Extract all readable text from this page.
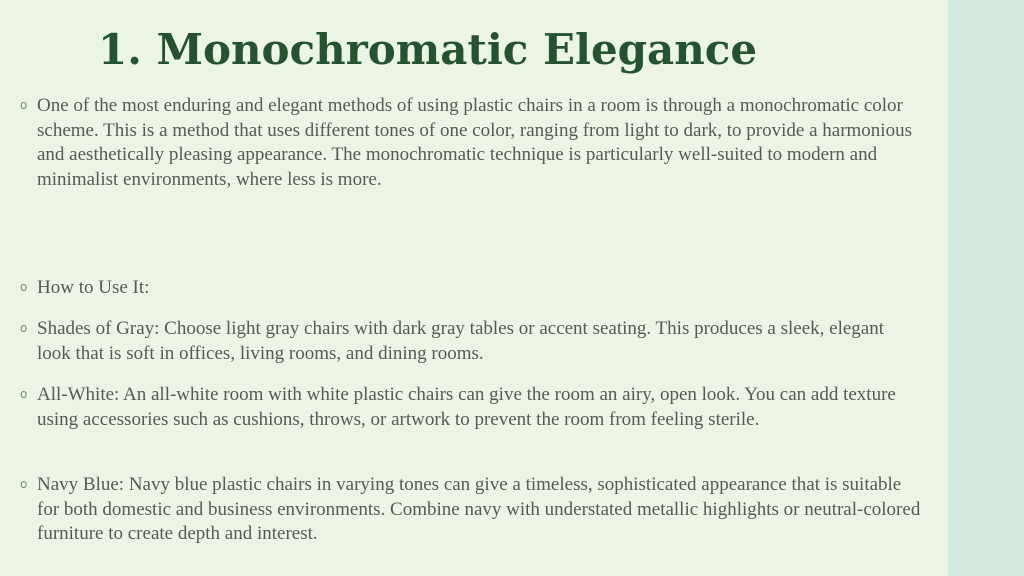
1. Monochromatic Elegance
o One of the most enduring and elegant methods of using plastic chairs in a room is through a monochromatic color scheme. This is a method that uses different tones of one color, ranging from light to dark, to provide a harmonious and aesthetically pleasing appearance. The monochromatic technique is particularly well-suited to modern and minimalist environments, where less is more.
o How to Use It:
o Shades of Gray: Choose light gray chairs with dark gray tables or accent seating. This produces a sleek, elegant look that is soft in offices, living rooms, and dining rooms.
o All-White: An all-white room with white plastic chairs can give the room an airy, open look. You can add texture using accessories such as cushions, throws, or artwork to prevent the room from feeling sterile.
o Navy Blue: Navy blue plastic chairs in varying tones can give a timeless, sophisticated appearance that is suitable for both domestic and business environments. Combine navy with understated metallic highlights or neutral-colored furniture to create depth and interest.
